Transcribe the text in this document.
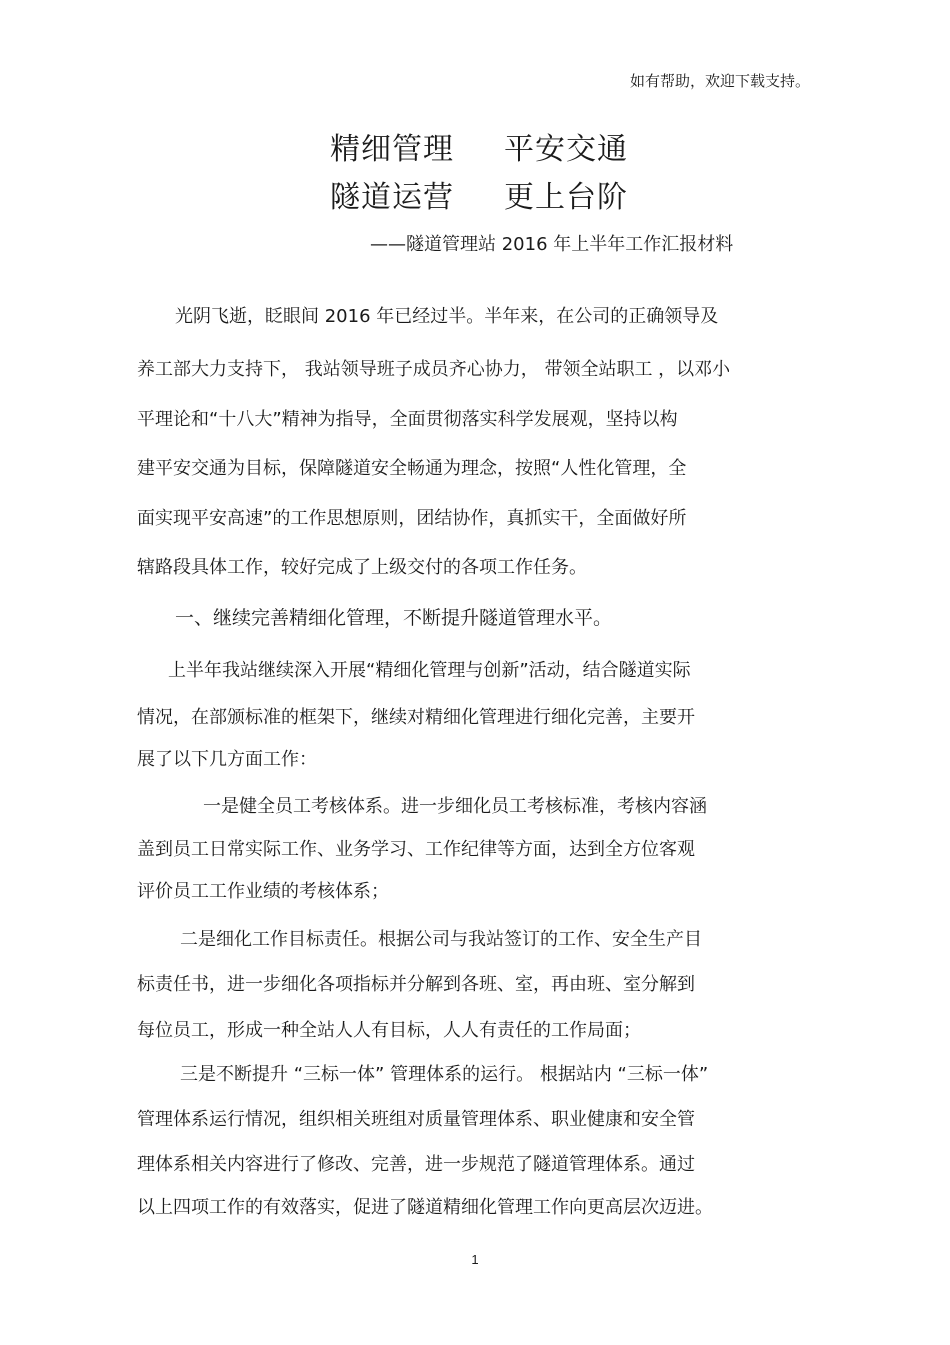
如有帮助，欢迎下载支持。
精细管理 平安交通
隧道运营 更上台阶
——隧道管理站 2016 年上半年工作汇报材料
光阴飞逝，眨眼间 2016 年已经过半。半年来，在公司的正确领导及
养工部大力支持下， 我站领导班子成员齐心协力， 带领全站职工 ，以邓小
平理论和“十八大”精神为指导，全面贯彻落实科学发展观，坚持以构
建平安交通为目标，保障隧道安全畅通为理念，按照“人性化管理，全
面实现平安高速”的工作思想原则，团结协作，真抓实干，全面做好所
辖路段具体工作，较好完成了上级交付的各项工作任务。
一、继续完善精细化管理，不断提升隧道管理水平。
上半年我站继续深入开展“精细化管理与创新”活动，结合隧道实际
情况，在部颁标准的框架下，继续对精细化管理进行细化完善，主要开
展了以下几方面工作：
一是健全员工考核体系。进一步细化员工考核标准，考核内容涵
盖到员工日常实际工作、业务学习、工作纪律等方面，达到全方位客观
评价员工工作业绩的考核体系；
二是细化工作目标责任。根据公司与我站签订的工作、安全生产目
标责任书，进一步细化各项指标并分解到各班、室，再由班、室分解到
每位员工，形成一种全站人人有目标，人人有责任的工作局面；
三是不断提升 “三标一体” 管理体系的运行。 根据站内 “三标一体”
管理体系运行情况，组织相关班组对质量管理体系、职业健康和安全管
理体系相关内容进行了修改、完善，进一步规范了隧道管理体系。通过
以上四项工作的有效落实，促进了隧道精细化管理工作向更高层次迈进。
1
